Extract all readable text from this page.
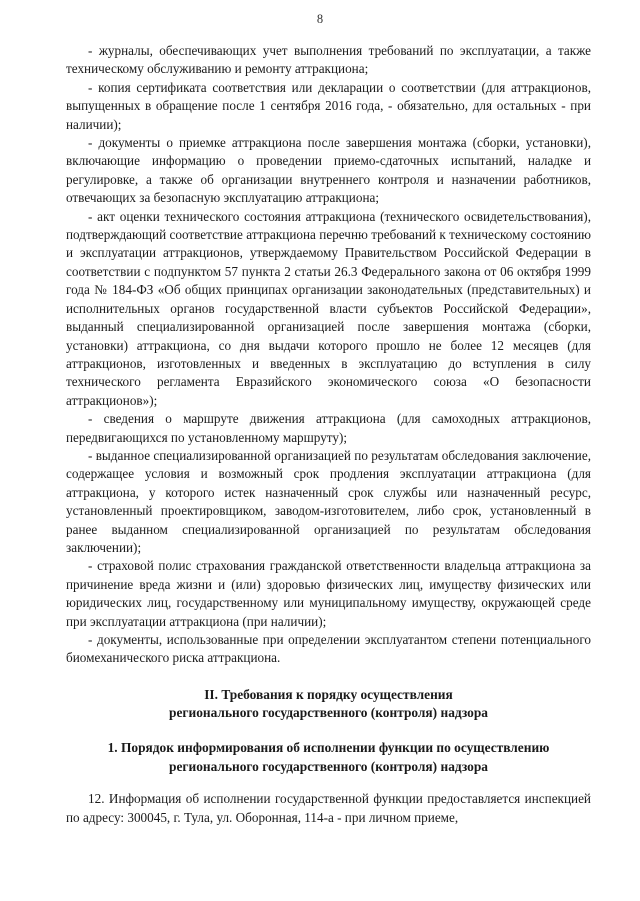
8

- журналы, обеспечивающих учет выполнения требований по эксплуатации, а также техническому обслуживанию и ремонту аттракциона;

- копия сертификата соответствия или декларации о соответствии (для аттракционов, выпущенных в обращение после 1 сентября 2016 года, - обязательно, для остальных - при наличии);

- документы о приемке аттракциона после завершения монтажа (сборки, установки), включающие информацию о проведении приемо-сдаточных испытаний, наладке и регулировке, а также об организации внутреннего контроля и назначении работников, отвечающих за безопасную эксплуатацию аттракциона;

- акт оценки технического состояния аттракциона (технического освидетельствования), подтверждающий соответствие аттракциона перечню требований к техническому состоянию и эксплуатации аттракционов, утверждаемому Правительством Российской Федерации в соответствии с подпунктом 57 пункта 2 статьи 26.3 Федерального закона от 06 октября 1999 года № 184-ФЗ «Об общих принципах организации законодательных (представительных) и исполнительных органов государственной власти субъектов Российской Федерации», выданный специализированной организацией после завершения монтажа (сборки, установки) аттракциона, со дня выдачи которого прошло не более 12 месяцев (для аттракционов, изготовленных и введенных в эксплуатацию до вступления в силу технического регламента Евразийского экономического союза «О безопасности аттракционов»);

- сведения о маршруте движения аттракциона (для самоходных аттракционов, передвигающихся по установленному маршруту);

- выданное специализированной организацией по результатам обследования заключение, содержащее условия и возможный срок продления эксплуатации аттракциона (для аттракциона, у которого истек назначенный срок службы или назначенный ресурс, установленный проектировщиком, заводом-изготовителем, либо срок, установленный в ранее выданном специализированной организацией по результатам обследования заключении);

- страховой полис страхования гражданской ответственности владельца аттракциона за причинение вреда жизни и (или) здоровью физических лиц, имуществу физических или юридических лиц, государственному или муниципальному имуществу, окружающей среде при эксплуатации аттракциона (при наличии);

- документы, использованные при определении эксплуатантом степени потенциального биомеханического риска аттракциона.

II. Требования к порядку осуществления

регионального государственного (контроля) надзора

1. Порядок информирования об исполнении функции по осуществлению

регионального государственного (контроля) надзора

12. Информация об исполнении государственной функции предоставляется инспекцией по адресу: 300045, г. Тула, ул. Оборонная, 114-а - при личном приеме,
